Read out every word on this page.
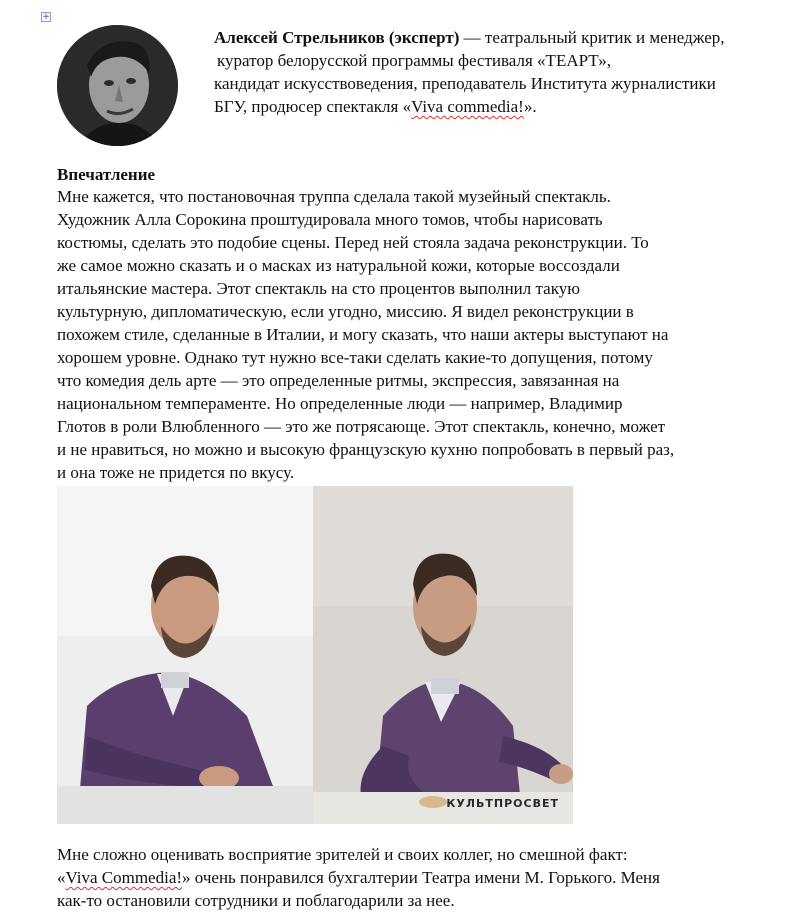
+
Алексей Стрельников (эксперт) — театральный критик и менеджер,
куратор белорусской программы фестиваля «ТЕАРТ»,
кандидат искусствоведения, преподаватель Института журналистики
БГУ, продюсер спектакля «Viva commedia!».
Впечатление

Мне кажется, что постановочная труппа сделала такой музейный спектакль.

Художник Алла Сорокина проштудировала много томов, чтобы нарисовать

костюмы, сделать это подобие сцены. Перед ней стояла задача реконструкции. То

же самое можно сказать и о масках из натуральной кожи, которые воссоздали

итальянские мастера. Этот спектакль на сто процентов выполнил такую

культурную, дипломатическую, если угодно, миссию. Я видел реконструкции в

похожем стиле, сделанные в Италии, и могу сказать, что наши актеры выступают на

хорошем уровне. Однако тут нужно все-таки сделать какие-то допущения, потому

что комедия дель арте — это определенные ритмы, экспрессия, завязанная на

национальном темпераменте. Но определенные люди — например, Владимир

Глотов в роли Влюбленного — это же потрясающе. Этот спектакль, конечно, может

и не нравиться, но можно и высокую французскую кухню попробовать в первый раз,

и она тоже не придется по вкусу.

КУЛЬТПРОСВЕТ

Мне сложно оценивать восприятие зрителей и своих коллег, но смешной факт:

«Viva Commedia!» очень понравился бухгалтерии Театра имени М. Горького. Меня

как-то остановили сотрудники и поблагодарили за нее.
